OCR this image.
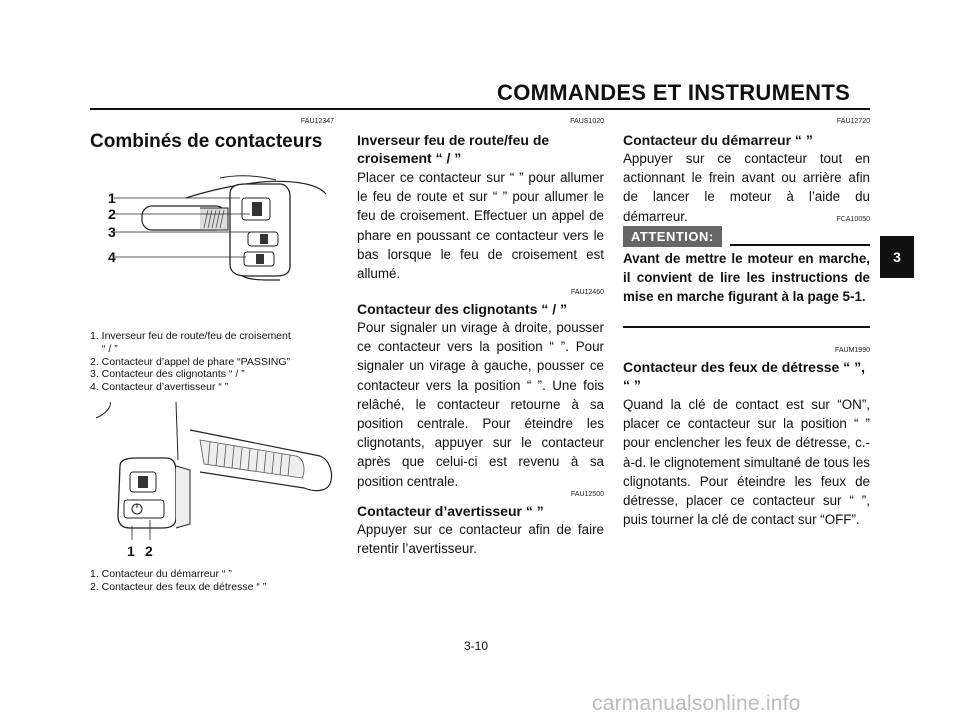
COMMANDES ET INSTRUMENTS
3
FAU12347
Combinés de contacteurs
1
2
3
4
1. Inverseur feu de route/feu de croisement
“ / ”
2. Contacteur d’appel de phare “PASSING”
3. Contacteur des clignotants “ / ”
4. Contacteur d’avertisseur “ ”
1 2
1. Contacteur du démarreur “ ”
2. Contacteur des feux de détresse “ ”
FAUS1020
Inverseur feu de route/feu de croisement “ / ”
Placer ce contacteur sur “ ” pour allumer le feu de route et sur “ ” pour allumer le feu de croisement. Effectuer un appel de phare en poussant ce contacteur vers le bas lorsque le feu de croisement est allumé.
FAU12460
Contacteur des clignotants “ / ”
Pour signaler un virage à droite, pousser ce contacteur vers la position “ ”. Pour signaler un virage à gauche, pousser ce contacteur vers la position “ ”. Une fois relâché, le contacteur retourne à sa position centrale. Pour éteindre les clignotants, appuyer sur le contacteur après que celui-ci est revenu à sa position centrale.
FAU12500
Contacteur d’avertisseur “ ”
Appuyer sur ce contacteur afin de faire retentir l’avertisseur.
FAU12720
Contacteur du démarreur “ ”
Appuyer sur ce contacteur tout en actionnant le frein avant ou arrière afin de lancer le moteur à l’aide du démarreur.	FCA10050
ATTENTION:
Avant de mettre le moteur en marche, il convient de lire les instructions de mise en marche figurant à la page 5-1.
FAUM1990
Contacteur des feux de détresse “ ”, “ ”
Quand la clé de contact est sur “ON”, placer ce contacteur sur la position “ ” pour enclencher les feux de détresse, c.-à-d. le clignotement simultané de tous les clignotants. Pour éteindre les feux de détresse, placer ce contacteur sur “ ”, puis tourner la clé de contact sur “OFF”.
3-10
carmanualsonline.info
